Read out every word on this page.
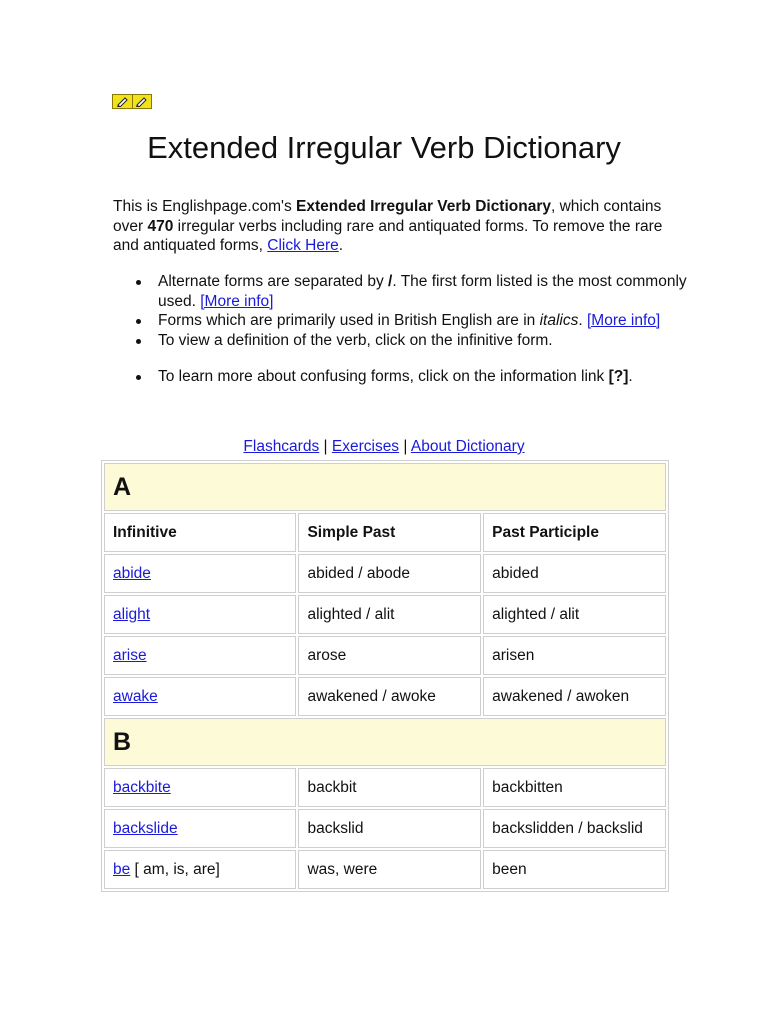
Extended Irregular Verb Dictionary

This is Englishpage.com's Extended Irregular Verb Dictionary, which contains over 470 irregular verbs including rare and antiquated forms. To remove the rare and antiquated forms, Click Here.

Alternate forms are separated by /. The first form listed is the most commonly used. [More info]
Forms which are primarily used in British English are in italics. [More info]
To view a definition of the verb, click on the infinitive form.
To learn more about confusing forms, click on the information link [?].
Flashcards | Exercises | About Dictionary
A		
Infinitive	Simple Past	Past Participle
abide	abided / abode	abided
alight	alighted / alit	alighted / alit
arise	arose	arisen
awake	awakened / awoke	awakened / awoken
B		
backbite	backbit	backbitten
backslide	backslid	backslidden / backslid
be [ am, is, are]	was, were	been
